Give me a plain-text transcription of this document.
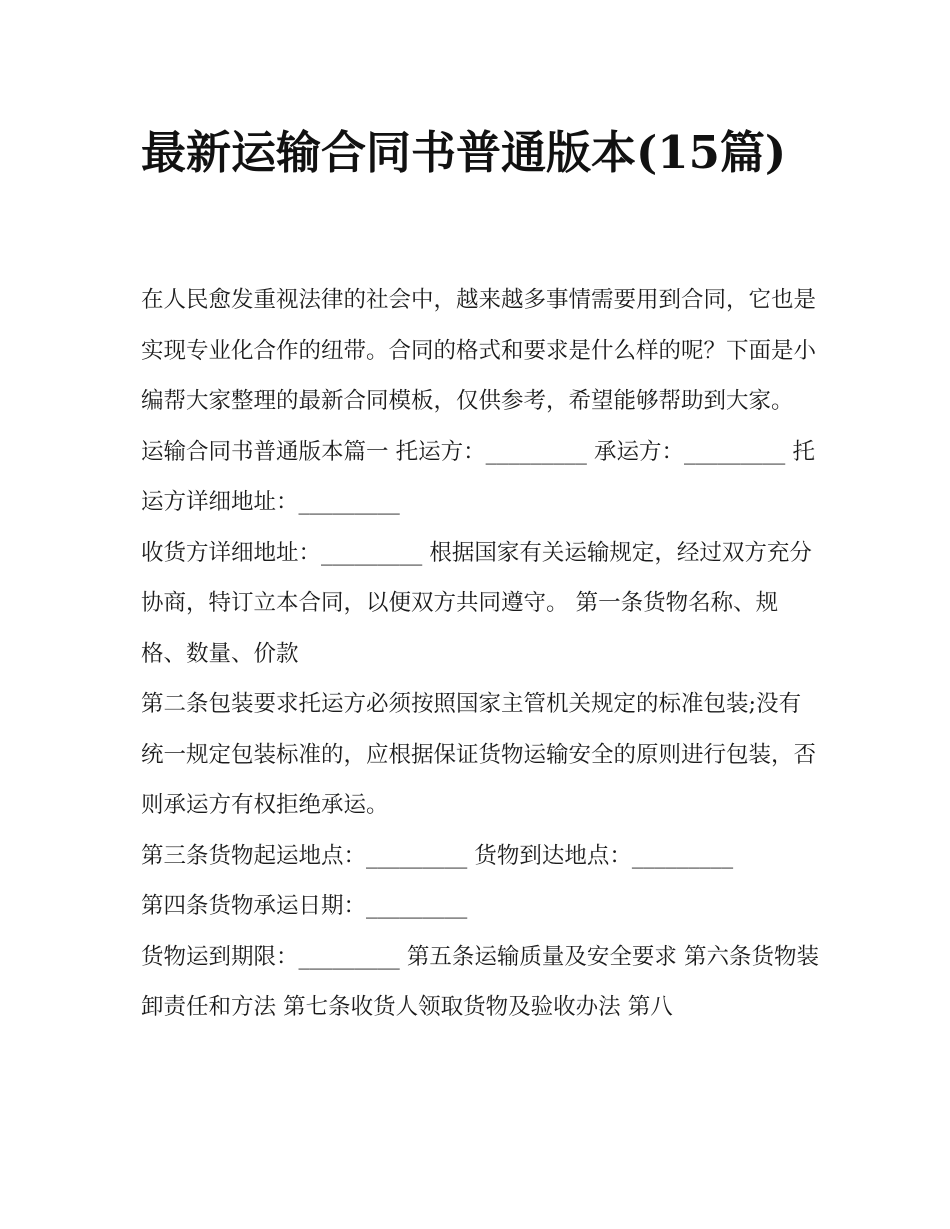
最新运输合同书普通版本(15篇)

在人民愈发重视法律的社会中，越来越多事情需要用到合同，它也是实现专业化合作的纽带。合同的格式和要求是什么样的呢？下面是小编帮大家整理的最新合同模板，仅供参考，希望能够帮助到大家。

运输合同书普通版本篇一 托运方：_________ 承运方：_________ 托运方详细地址：_________

收货方详细地址：_________ 根据国家有关运输规定，经过双方充分协商，特订立本合同，以便双方共同遵守。 第一条货物名称、规格、数量、价款

第二条包装要求托运方必须按照国家主管机关规定的标准包装;没有统一规定包装标准的，应根据保证货物运输安全的原则进行包装，否则承运方有权拒绝承运。

第三条货物起运地点：_________ 货物到达地点：_________

第四条货物承运日期：_________

货物运到期限：_________ 第五条运输质量及安全要求 第六条货物装卸责任和方法 第七条收货人领取货物及验收办法 第八
